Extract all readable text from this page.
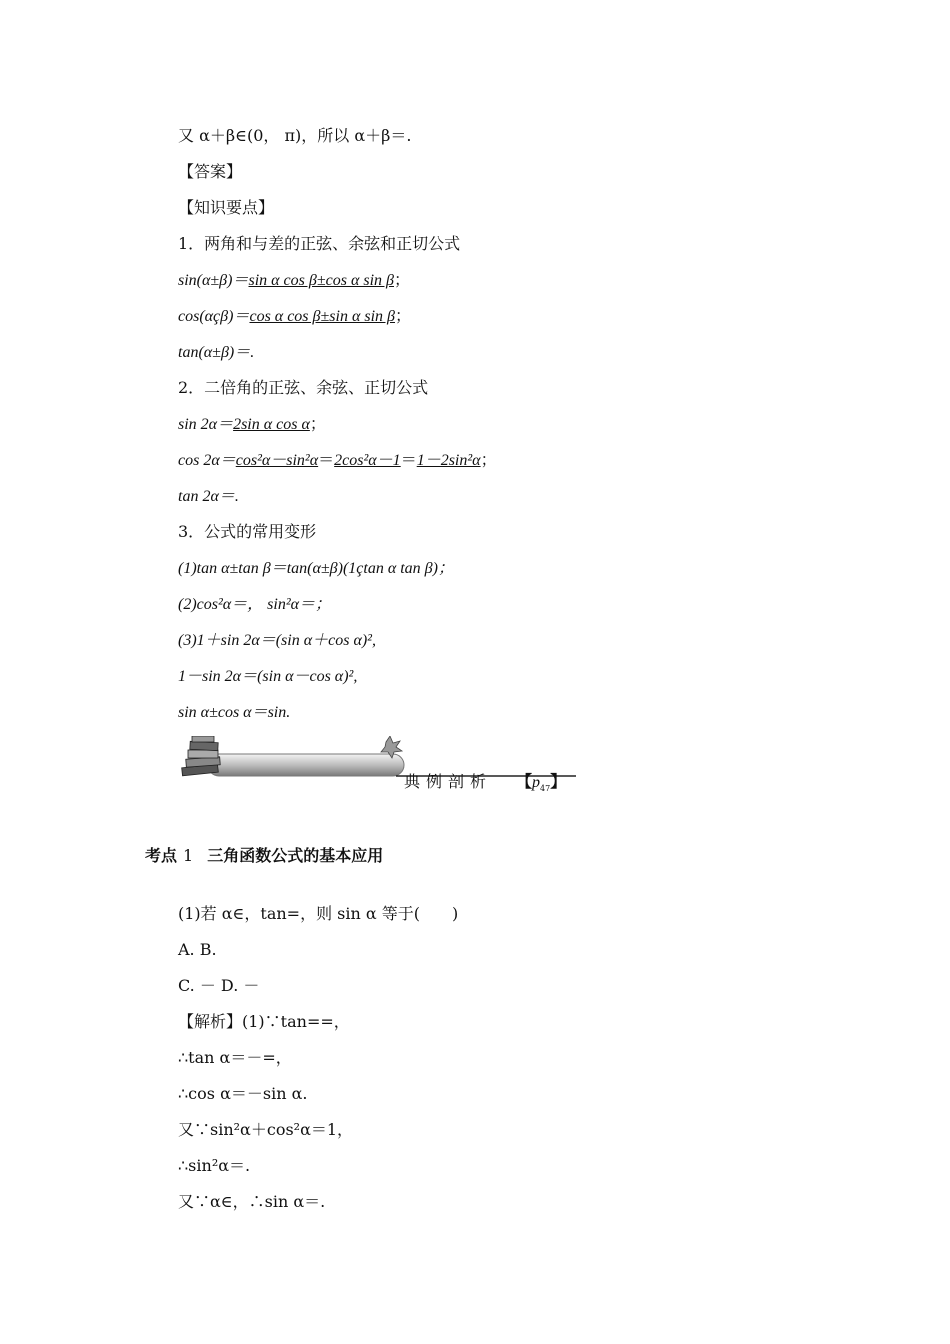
又 α＋β∈(0， π)，所以 α＋β＝.
【答案】
【知识要点】
1．两角和与差的正弦、余弦和正切公式
sin(α±β)＝sin α cos β±cos α sin β；
cos(αçβ)＝cos α cos β±sin α sin β；
tan(α±β)＝.
2．二倍角的正弦、余弦、正切公式
sin 2α＝2sin α cos α；
cos 2α＝cos²α－sin²α＝2cos²α－1＝1－2sin²α；
tan 2α＝.
3．公式的常用变形
(1)tan α±tan β＝tan(α±β)(1çtan α tan β)；
(2)cos²α＝， sin²α＝；
(3)1＋sin 2α＝(sin α＋cos α)²,
1－sin 2α＝(sin α－cos α)²,
sin α±cos α＝sin.
典例剖析 【$p_{47}$】
考点 1 三角函数公式的基本应用
(1)若 α∈，tan=，则 sin α 等于(　　)
A. B.
C. － D. －
【解析】(1)∵tan==，
∴tan α＝－=，
∴cos α＝－sin α.
又∵sin²α＋cos²α＝1，
∴sin²α＝.
又∵α∈，∴sin α＝.
